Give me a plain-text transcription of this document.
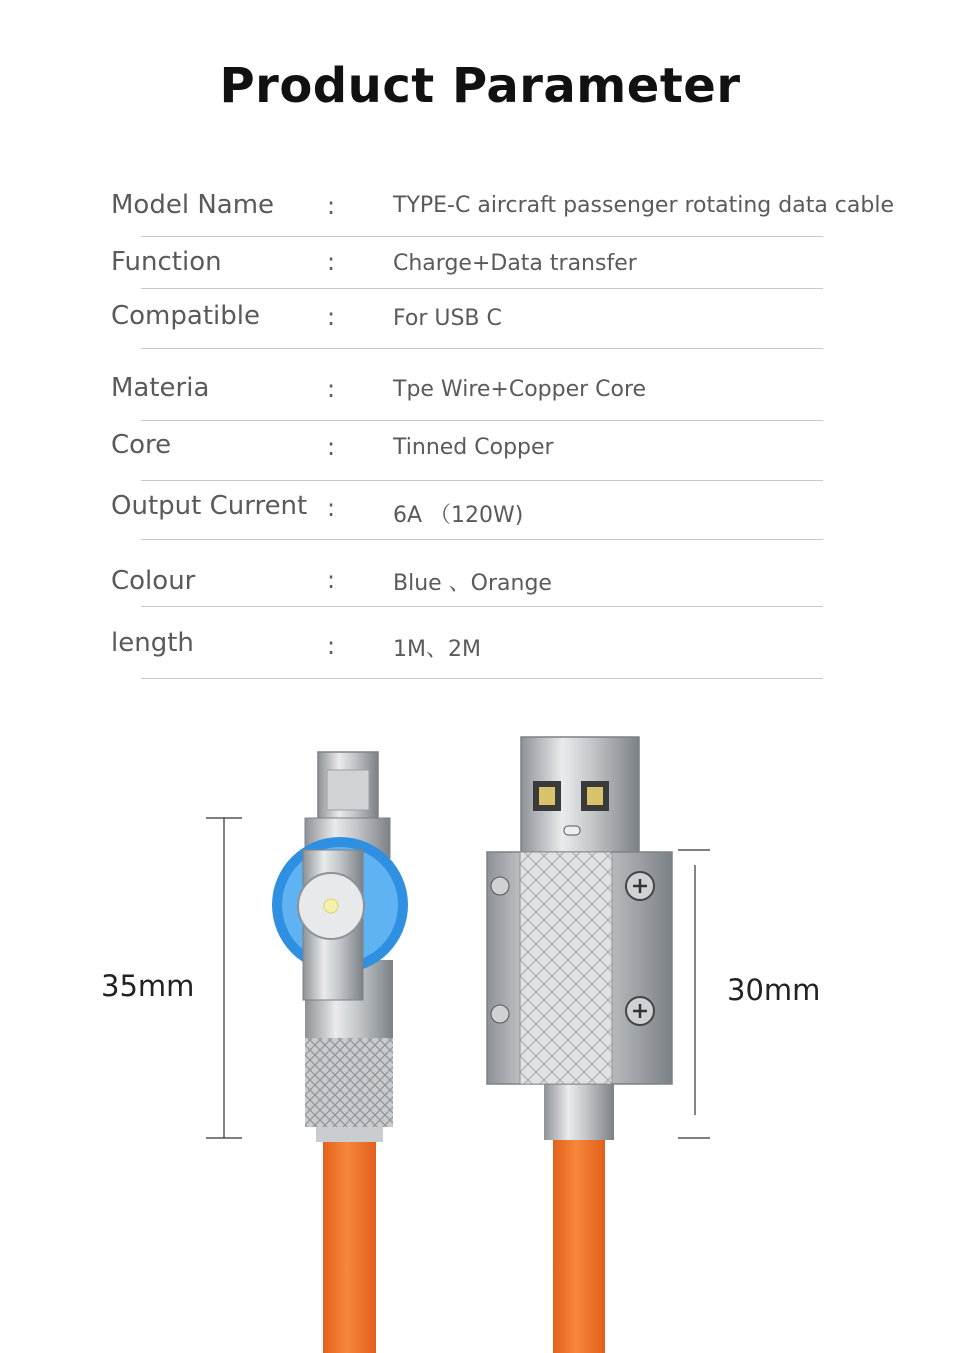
Product Parameter
Model Name :	TYPE-C aircraft passenger rotating data cable
Function	:	Charge+Data transfer
Compatible	:	For USB C
Materia	:	Tpe Wire+Copper Core
Core	:	Tinned Copper
Output Current :	6A （120W)
Colour	:	Blue 、Orange
length	:	1M、2M
35mm	30mm
